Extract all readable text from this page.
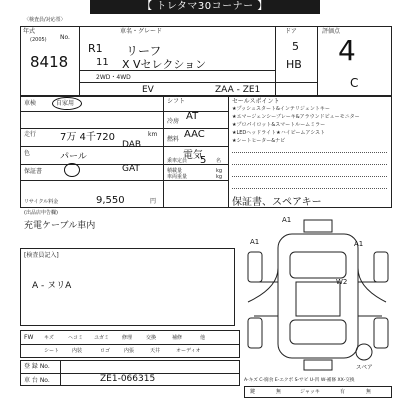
【 トレタマ30コーナー 】
〈検査員/対応票〉
年式
(2005) No.
8418
車名・グレード
R1 リーフ
11 X Vセレクション
2WD・4WD
EV	ZAA - ZE1
ドア
5
HB
評価点
4
C
車検	自家用
走行 7万 4千720	km
色	パール
DAB
保証書	GAT
リサイクル料金	9,550	円
シフト
AT
冷房
AAC
燃料
電気
乗車定員 5 名
積載量	kg
車両重量	kg
セールスポイント
★プッシュスタート&インテリジェントキー
★エマージェンシーブレーキ&アラウンドビューモニター
★プロパイロット&スマートルームミラー
★LEDヘッドライト★ハイビームアシスト
★シートヒーター&ナビ
保証書、スペアキー
(出品店申告欄)
充電ケーブル車内
[検査員記入]
A - ヌリA
A1
W2
A1	A1
スペア
FW キズ	ヘコミ ユガミ	修理	交換	補修	他
シート	内装	ロゴ	内張	天井	オーディオ
登 録 No.
車 台 No.	ZE1-066315	A-キズ C-腐食 E-エクボ S-サビ U-凹 W-補修 XX-交換
鍵	無	ジャッキ	有	無
